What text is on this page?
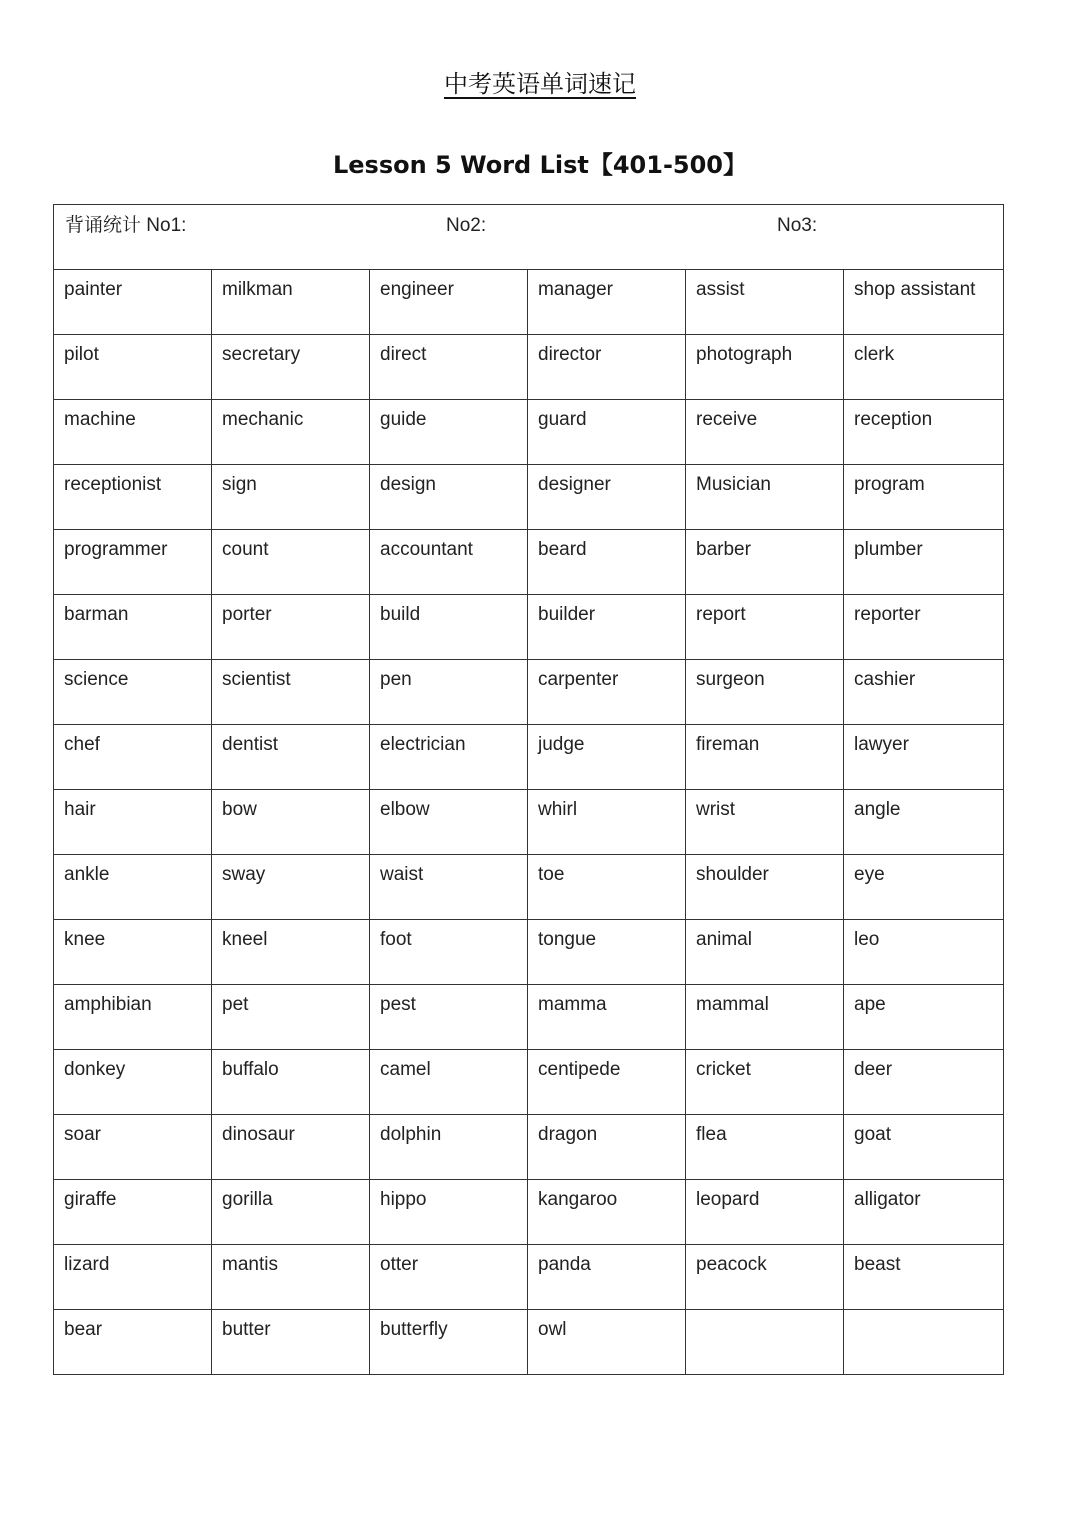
中考英语单词速记
Lesson 5 Word List【401-500】
背诵统计 No1: No2: No3:					

painter	milkman	engineer	manager	assist	shop assistant

pilot	secretary	direct	director	photograph	clerk

machine	mechanic	guide	guard	receive	reception

receptionist	sign	design	designer	Musician	program

programmer	count	accountant	beard	barber	plumber

barman	porter	build	builder	report	reporter

science	scientist	pen	carpenter	surgeon	cashier

chef	dentist	electrician	judge	fireman	lawyer

hair	bow	elbow	whirl	wrist	angle

ankle	sway	waist	toe	shoulder	eye

knee	kneel	foot	tongue	animal	leo

amphibian	pet	pest	mamma	mammal	ape

donkey	buffalo	camel	centipede	cricket	deer

soar	dinosaur	dolphin	dragon	flea	goat

giraffe	gorilla	hippo	kangaroo	leopard	alligator

lizard	mantis	otter	panda	peacock	beast

bear	butter	butterfly	owl		
